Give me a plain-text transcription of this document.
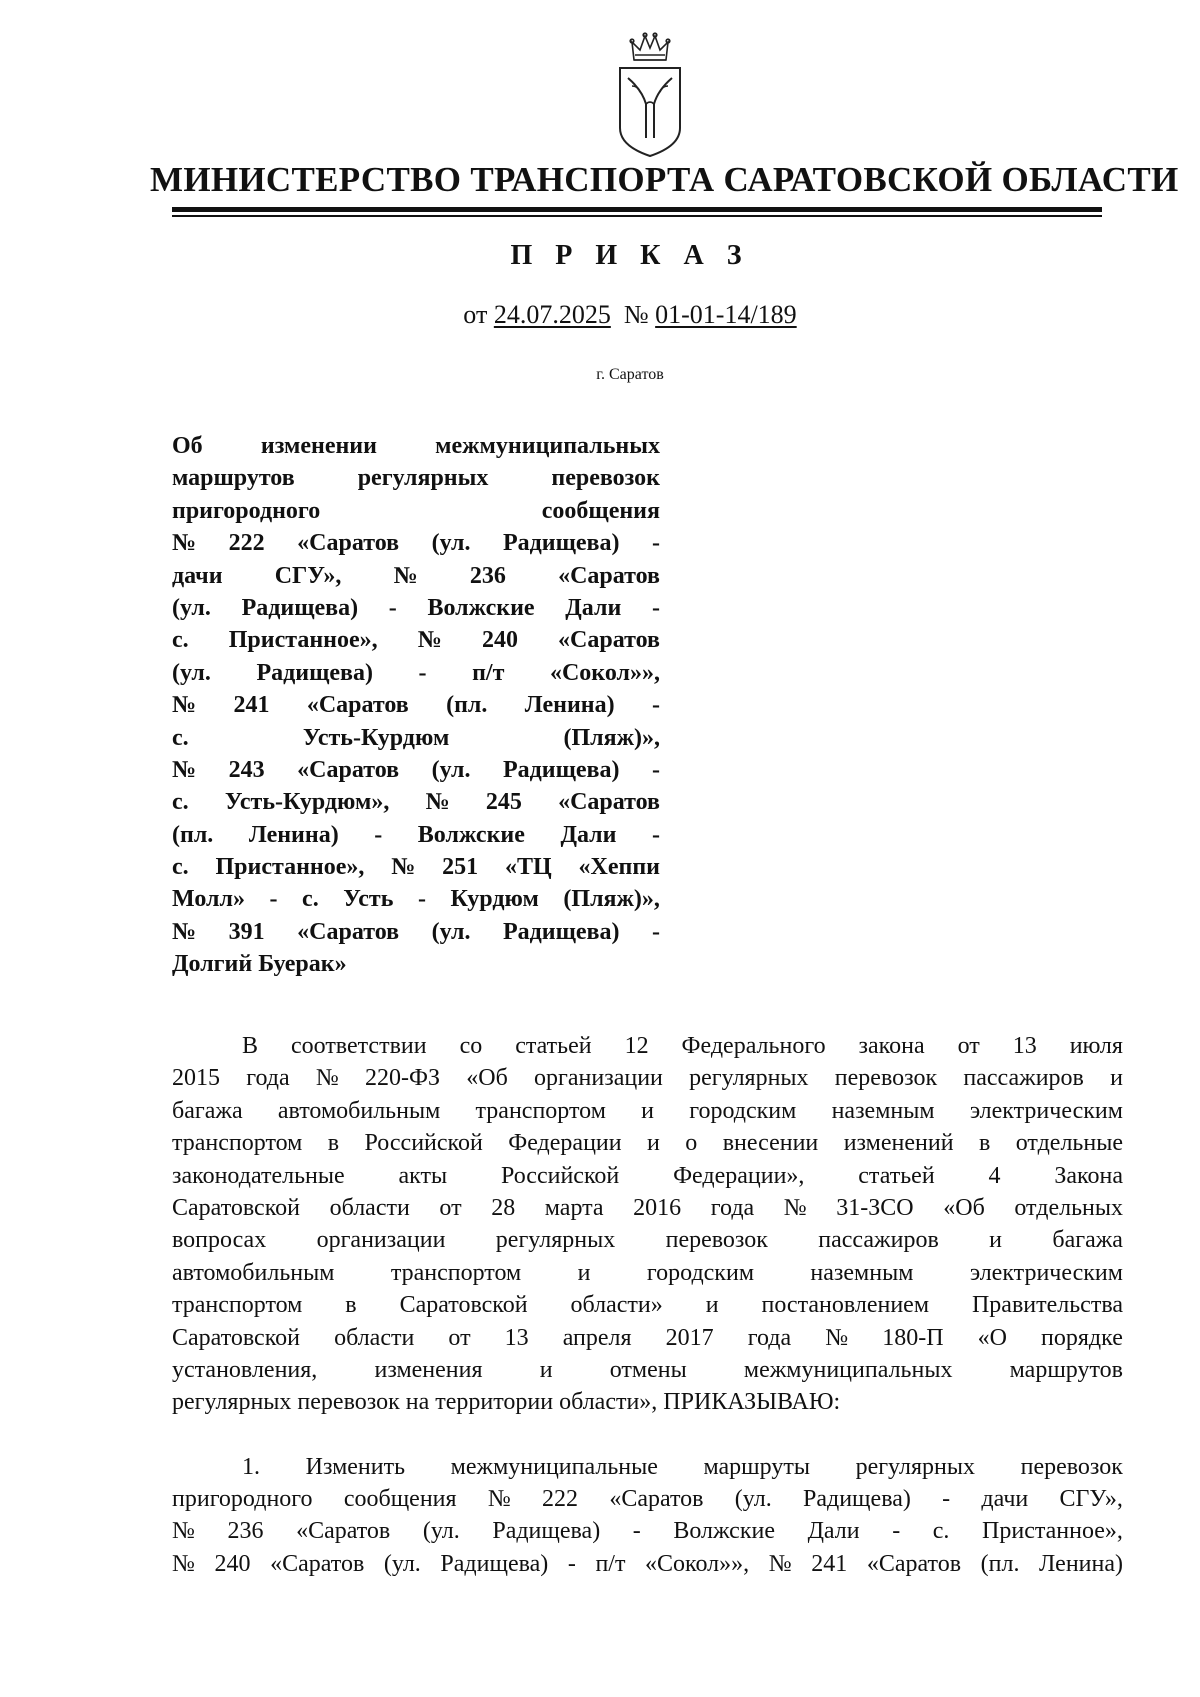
МИНИСТЕРСТВО ТРАНСПОРТА САРАТОВСКОЙ ОБЛАСТИ
П Р И К А З
от 24.07.2025 № 01-01-14/189
г. Саратов
Об изменении межмуниципальных
маршрутов	регулярных	перевозок
пригородного	сообщения
№ 222 «Саратов (ул. Радищева) -
дачи СГУ», № 236 «Саратов
(ул. Радищева) - Волжские Дали -
с. Пристанное», № 240 «Саратов
(ул. Радищева) - п/т «Сокол»»,
№ 241 «Саратов (пл. Ленина) -
с.	Усть-Курдюм	(Пляж)»,
№ 243 «Саратов (ул. Радищева) -
с. Усть-Курдюм», № 245 «Саратов
(пл. Ленина) - Волжские Дали -
с. Пристанное», № 251 «ТЦ «Хеппи
Молл» - с. Усть - Курдюм (Пляж)»,
№ 391 «Саратов (ул. Радищева) -
Долгий Буерак»
В соответствии со статьей 12 Федерального закона от 13 июля
2015 года № 220-ФЗ «Об организации регулярных перевозок пассажиров и
багажа автомобильным транспортом и городским наземным электрическим
транспортом в Российской Федерации и о внесении изменений в отдельные
законодательные акты Российской Федерации», статьей 4 Закона
Саратовской области от 28 марта 2016 года № 31-ЗСО «Об отдельных
вопросах организации регулярных перевозок пассажиров и багажа
автомобильным транспортом и городским наземным электрическим
транспортом в Саратовской области» и постановлением Правительства
Саратовской области от 13 апреля 2017 года № 180-П «О порядке
установления, изменения и отмены межмуниципальных маршрутов
регулярных перевозок на территории области», ПРИКАЗЫВАЮ:
1. Изменить межмуниципальные маршруты регулярных перевозок
пригородного сообщения № 222 «Саратов (ул. Радищева) - дачи СГУ»,
№ 236 «Саратов (ул. Радищева) - Волжские Дали - с. Пристанное»,
№ 240 «Саратов (ул. Радищева) - п/т «Сокол»», № 241 «Саратов (пл. Ленина)
